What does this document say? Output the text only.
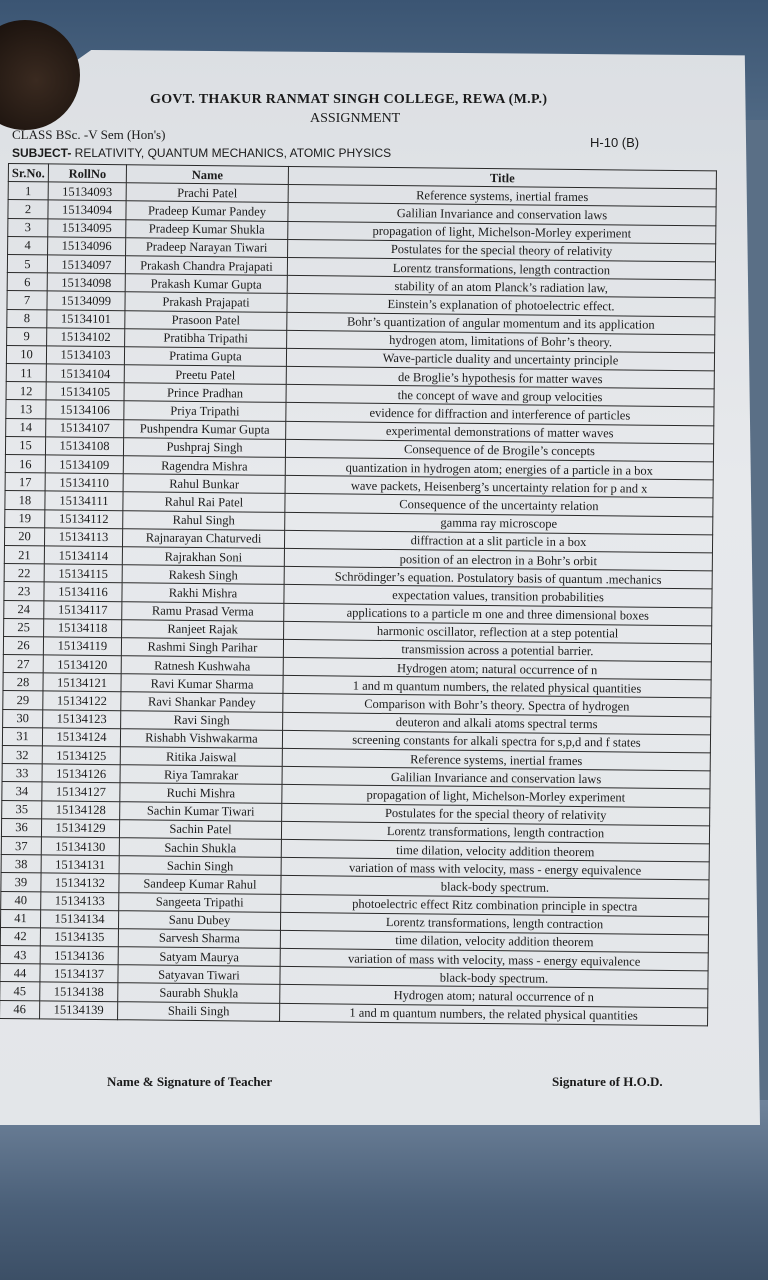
GOVT. THAKUR RANMAT SINGH COLLEGE, REWA (M.P.)
ASSIGNMENT
CLASS BSc. -V Sem (Hon's)
H-10 (B)
SUBJECT- RELATIVITY, QUANTUM MECHANICS, ATOMIC PHYSICS
Sr.No.	RollNo	Name	Title
1	15134093	Prachi Patel	Reference systems, inertial frames
2	15134094	Pradeep Kumar Pandey	Galilian Invariance and conservation laws
3	15134095	Pradeep Kumar Shukla	propagation of light, Michelson-Morley experiment
4	15134096	Pradeep Narayan Tiwari	Postulates for the special theory of relativity
5	15134097	Prakash Chandra Prajapati	Lorentz transformations, length contraction
6	15134098	Prakash Kumar Gupta	stability of an atom Planck’s radiation law,
7	15134099	Prakash Prajapati	Einstein’s explanation of photoelectric effect.
8	15134101	Prasoon Patel	Bohr’s quantization of angular momentum and its application
9	15134102	Pratibha Tripathi	hydrogen atom, limitations of Bohr’s theory.
10	15134103	Pratima Gupta	Wave-particle duality and uncertainty principle
11	15134104	Preetu Patel	de Broglie’s hypothesis for matter waves
12	15134105	Prince Pradhan	the concept of wave and group velocities
13	15134106	Priya Tripathi	evidence for diffraction and interference of particles
14	15134107	Pushpendra Kumar Gupta	experimental demonstrations of matter waves
15	15134108	Pushpraj Singh	Consequence of de Brogile’s concepts
16	15134109	Ragendra Mishra	quantization in hydrogen atom; energies of a particle in a box
17	15134110	Rahul Bunkar	wave packets, Heisenberg’s uncertainty relation for p and x
18	15134111	Rahul Rai Patel	Consequence of the uncertainty relation
19	15134112	Rahul Singh	gamma ray microscope
20	15134113	Rajnarayan Chaturvedi	diffraction at a slit particle in a box
21	15134114	Rajrakhan Soni	position of an electron in a Bohr’s orbit
22	15134115	Rakesh Singh	Schrödinger’s equation. Postulatory basis of quantum .mechanics
23	15134116	Rakhi Mishra	expectation values, transition probabilities
24	15134117	Ramu Prasad Verma	applications to a particle m one and three dimensional boxes
25	15134118	Ranjeet Rajak	harmonic oscillator, reflection at a step potential
26	15134119	Rashmi Singh Parihar	transmission across a potential barrier.
27	15134120	Ratnesh Kushwaha	Hydrogen atom; natural occurrence of n
28	15134121	Ravi Kumar Sharma	1 and m quantum numbers, the related physical quantities
29	15134122	Ravi Shankar Pandey	Comparison with Bohr’s theory. Spectra of hydrogen
30	15134123	Ravi Singh	deuteron and alkali atoms spectral terms
31	15134124	Rishabh Vishwakarma	screening constants for alkali spectra for s,p,d and f states
32	15134125	Ritika Jaiswal	Reference systems, inertial frames
33	15134126	Riya Tamrakar	Galilian Invariance and conservation laws
34	15134127	Ruchi Mishra	propagation of light, Michelson-Morley experiment
35	15134128	Sachin Kumar Tiwari	Postulates for the special theory of relativity
36	15134129	Sachin Patel	Lorentz transformations, length contraction
37	15134130	Sachin Shukla	time dilation, velocity addition theorem
38	15134131	Sachin Singh	variation of mass with velocity, mass - energy equivalence
39	15134132	Sandeep Kumar Rahul	black-body spectrum.
40	15134133	Sangeeta Tripathi	photoelectric effect Ritz combination principle in spectra
41	15134134	Sanu Dubey	Lorentz transformations, length contraction
42	15134135	Sarvesh Sharma	time dilation, velocity addition theorem
43	15134136	Satyam Maurya	variation of mass with velocity, mass - energy equivalence
44	15134137	Satyavan Tiwari	black-body spectrum.
45	15134138	Saurabh Shukla	Hydrogen atom; natural occurrence of n
46	15134139	Shaili Singh	1 and m quantum numbers, the related physical quantities
Name & Signature of Teacher	Signature of H.O.D.
